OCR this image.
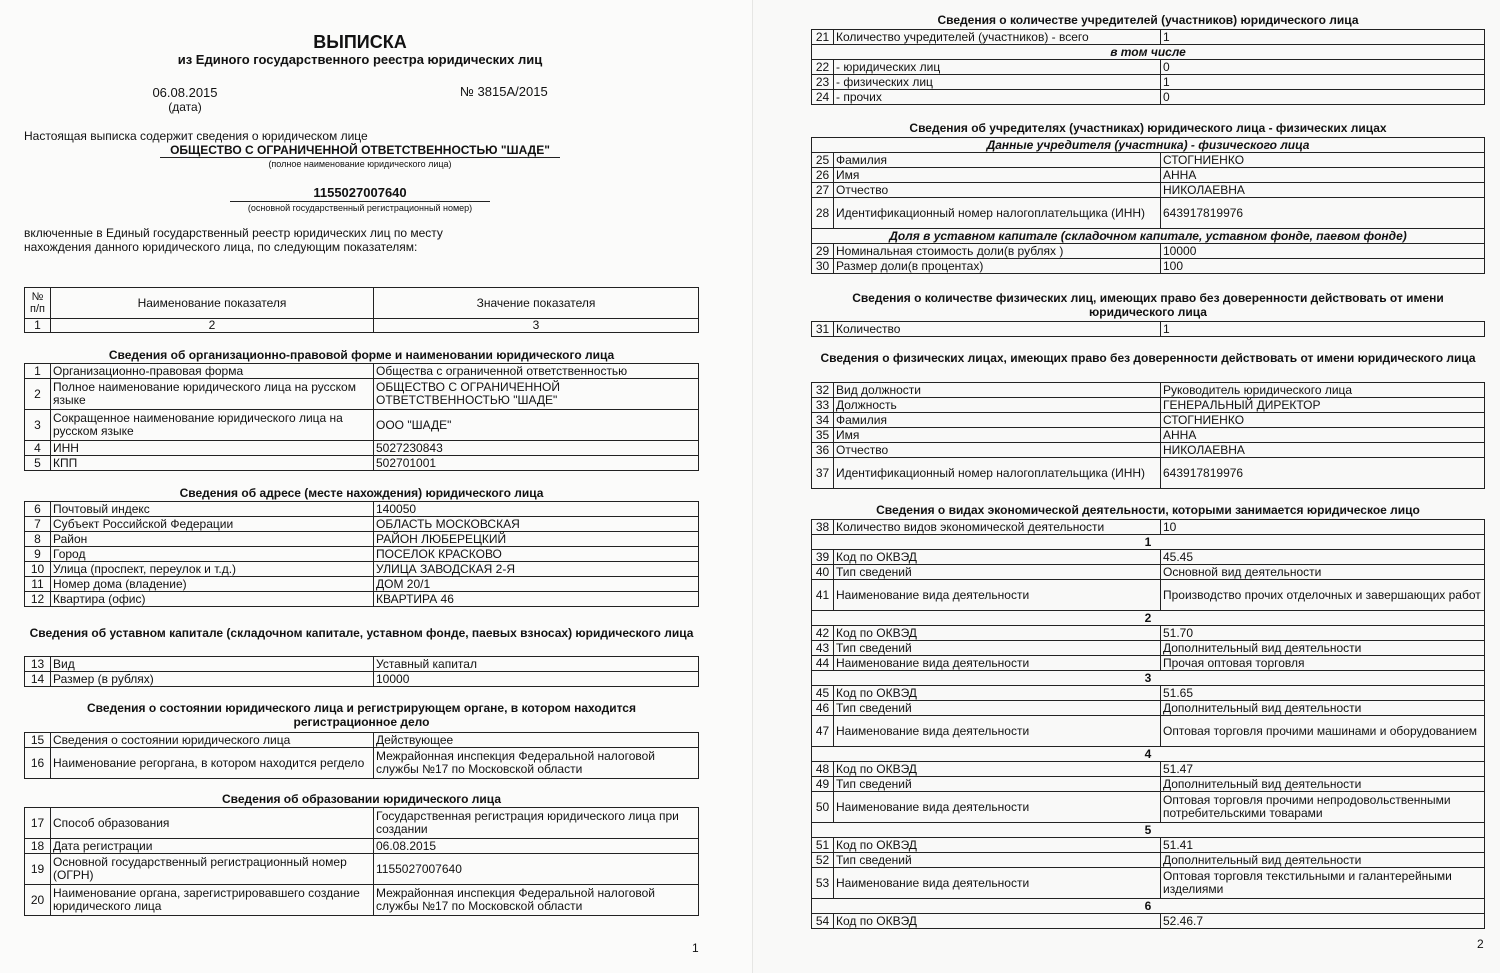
ВЫПИСКА
из Единого государственного реестра юридических лиц
06.08.2015
(дата)
№ 3815А/2015
Настоящая выписка содержит сведения о юридическом лице
ОБЩЕСТВО С ОГРАНИЧЕННОЙ ОТВЕТСТВЕННОСТЬЮ "ШАДЕ"
(полное наименование юридического лица)
1155027007640
(основной государственный регистрационный номер)
включенные в Единый государственный реестр юридических лиц по месту
нахождения данного юридического лица, по следующим показателям:
№ п/п	Наименование показателя	Значение показателя
1	2	3
Сведения об организационно-правовой форме и наименовании юридического лица
1	Организационно-правовая форма	Общества с ограниченной ответственностью
2	Полное наименование юридического лица на русском языке	ОБЩЕСТВО С ОГРАНИЧЕННОЙ ОТВЕТСТВЕННОСТЬЮ "ШАДЕ"
3	Сокращенное наименование юридического лица на русском языке	ООО "ШАДЕ"
4	ИНН	5027230843
5	КПП	502701001
Сведения об адресе (месте нахождения) юридического лица
6	Почтовый индекс	140050
7	Субъект Российской Федерации	ОБЛАСТЬ МОСКОВСКАЯ
8	Район	РАЙОН ЛЮБЕРЕЦКИЙ
9	Город	ПОСЕЛОК КРАСКОВО
10	Улица (проспект, переулок и т.д.)	УЛИЦА ЗАВОДСКАЯ 2-Я
11	Номер дома (владение)	ДОМ 20/1
12	Квартира (офис)	КВАРТИРА 46
Сведения об уставном капитале (складочном капитале, уставном фонде, паевых взносах) юридического лица
13	Вид	Уставный капитал
14	Размер (в рублях)	10000
Сведения о состоянии юридического лица и регистрирующем органе, в котором находится регистрационное дело
15	Сведения о состоянии юридического лица	Действующее
16	Наименование регоргана, в котором находится регдело	Межрайонная инспекция Федеральной налоговой службы №17 по Московской области
Сведения об образовании юридического лица
17	Способ образования	Государственная регистрация юридического лица при создании
18	Дата регистрации	06.08.2015
19	Основной государственный регистрационный номер (ОГРН)	1155027007640
20	Наименование органа, зарегистрировавшего создание юридического лица	Межрайонная инспекция Федеральной налоговой службы №17 по Московской области
1
Сведения о количестве учредителей (участников) юридического лица
21	Количество учредителей (участников) - всего	1
в том числе		
22	- юридических лиц	0
23	- физических лиц	1
24	- прочих	0
Сведения об учредителях (участниках) юридического лица - физических лицах
Данные учредителя (участника) - физического лица		
25	Фамилия	СТОГНИЕНКО
26	Имя	АННА
27	Отчество	НИКОЛАЕВНА
28	Идентификационный номер налогоплательщика (ИНН)	643917819976
Доля в уставном капитале (складочном капитале, уставном фонде, паевом фонде)		
29	Номинальная стоимость доли(в рублях )	10000
30	Размер доли(в процентах)	100
Сведения о количестве физических лиц, имеющих право без доверенности действовать от имени юридического лица
31	Количество	1
Сведения о физических лицах, имеющих право без доверенности действовать от имени юридического лица
32	Вид должности	Руководитель юридического лица
33	Должность	ГЕНЕРАЛЬНЫЙ ДИРЕКТОР
34	Фамилия	СТОГНИЕНКО
35	Имя	АННА
36	Отчество	НИКОЛАЕВНА
37	Идентификационный номер налогоплательщика (ИНН)	643917819976
Сведения о видах экономической деятельности, которыми занимается юридическое лицо
38	Количество видов экономической деятельности	10
1		
39	Код по ОКВЭД	45.45
40	Тип сведений	Основной вид деятельности
41	Наименование вида деятельности	Производство прочих отделочных и завершающих работ
2		
42	Код по ОКВЭД	51.70
43	Тип сведений	Дополнительный вид деятельности
44	Наименование вида деятельности	Прочая оптовая торговля
3		
45	Код по ОКВЭД	51.65
46	Тип сведений	Дополнительный вид деятельности
47	Наименование вида деятельности	Оптовая торговля прочими машинами и оборудованием
4		
48	Код по ОКВЭД	51.47
49	Тип сведений	Дополнительный вид деятельности
50	Наименование вида деятельности	Оптовая торговля прочими непродовольственными потребительскими товарами
5		
51	Код по ОКВЭД	51.41
52	Тип сведений	Дополнительный вид деятельности
53	Наименование вида деятельности	Оптовая торговля текстильными и галантерейными изделиями
6		
54	Код по ОКВЭД	52.46.7
2
